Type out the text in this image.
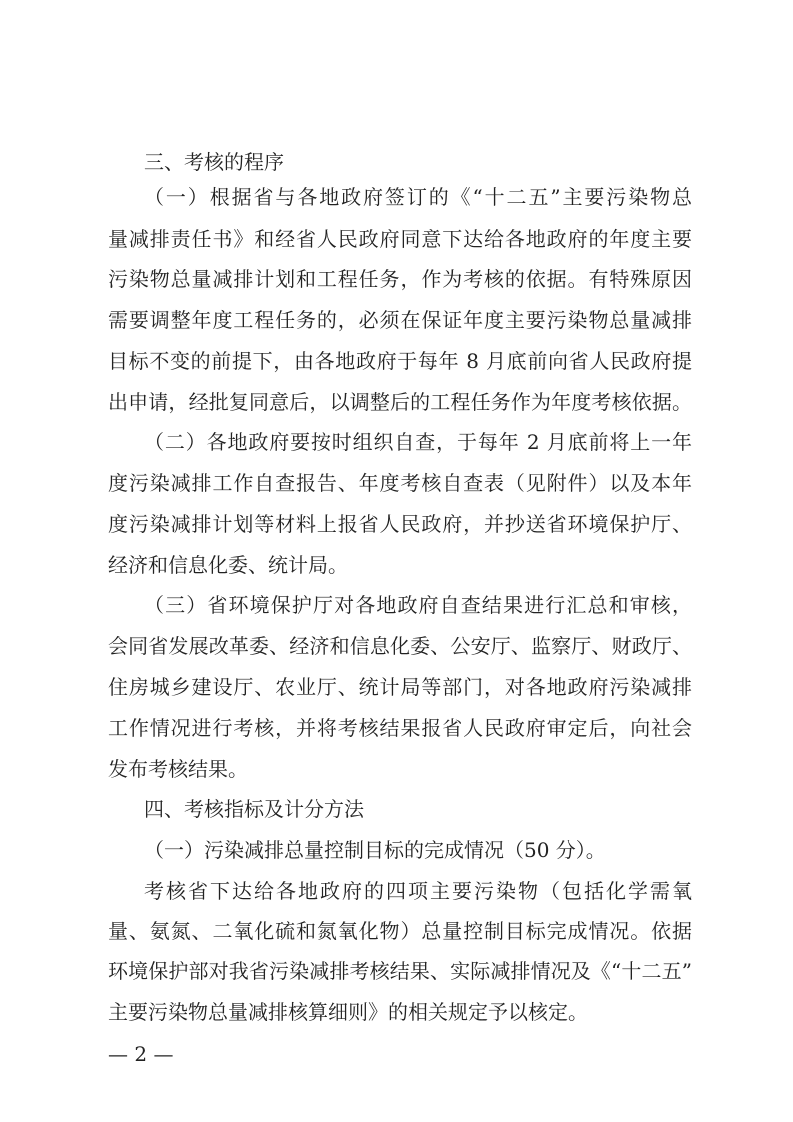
三、考核的程序
（一）根据省与各地政府签订的《“十二五”主要污染物总
量减排责任书》和经省人民政府同意下达给各地政府的年度主要
污染物总量减排计划和工程任务，作为考核的依据。有特殊原因
需要调整年度工程任务的，必须在保证年度主要污染物总量减排
目标不变的前提下，由各地政府于每年 8 月底前向省人民政府提
出申请，经批复同意后，以调整后的工程任务作为年度考核依据。
（二）各地政府要按时组织自查，于每年 2 月底前将上一年
度污染减排工作自查报告、年度考核自查表（见附件）以及本年
度污染减排计划等材料上报省人民政府，并抄送省环境保护厅、
经济和信息化委、统计局。
（三）省环境保护厅对各地政府自查结果进行汇总和审核，
会同省发展改革委、经济和信息化委、公安厅、监察厅、财政厅、
住房城乡建设厅、农业厅、统计局等部门，对各地政府污染减排
工作情况进行考核，并将考核结果报省人民政府审定后，向社会
发布考核结果。
四、考核指标及计分方法
（一）污染减排总量控制目标的完成情况（50 分）。
考核省下达给各地政府的四项主要污染物（包括化学需氧
量、氨氮、二氧化硫和氮氧化物）总量控制目标完成情况。依据
环境保护部对我省污染减排考核结果、实际减排情况及《“十二五”
主要污染物总量减排核算细则》的相关规定予以核定。
— 2 —
